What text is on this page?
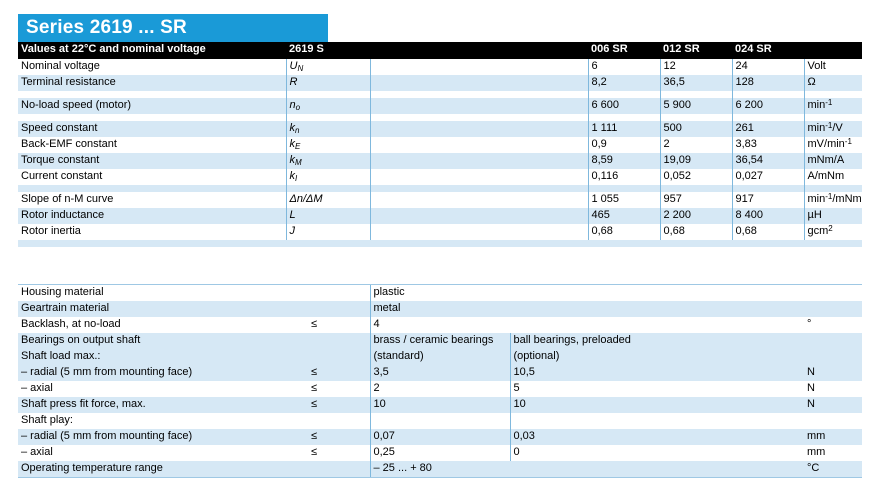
Series 2619 ... SR
Values at 22°C and nominal voltage	2619 S		006 SR	012 SR	024 SR	
Nominal voltage	UN		6	12	24	Volt
Terminal resistance	R		8,2	36,5	128	Ω

No-load speed (motor)	no		6 600	5 900	6 200	$\min^{-1}$

Speed constant	kn		1 111	500	261	$\min^{-1}/V$
Back-EMF constant	kE		0,9	2	3,83	$mV/\min^{-1}$
Torque constant	kM		8,59	19,09	36,54	mNm/A
Current constant	kI		0,116	0,052	0,027	A/mNm

Slope of n-M curve	Δn/ΔM		1 055	957	917	$\min^{-1}$/mNm
Rotor inductance	L		465	2 200	8 400	µH
Rotor inertia	J		0,68	0,68	0,68	gcm$^2$

Housing material		plastic		
Geartrain material		metal		
Backlash, at no-load	≤	4		°
Bearings on output shaft		brass / ceramic bearings	ball bearings, preloaded	
Shaft load max.:		(standard)	(optional)	
– radial (5 mm from mounting face)	≤	3,5	10,5	N
– axial	≤	2	5	N
Shaft press fit force, max.	≤	10	10	N
Shaft play:				
– radial (5 mm from mounting face)	≤	0,07	0,03	mm
– axial	≤	0,25	0	mm
Operating temperature range		– 25 ... + 80		°C
